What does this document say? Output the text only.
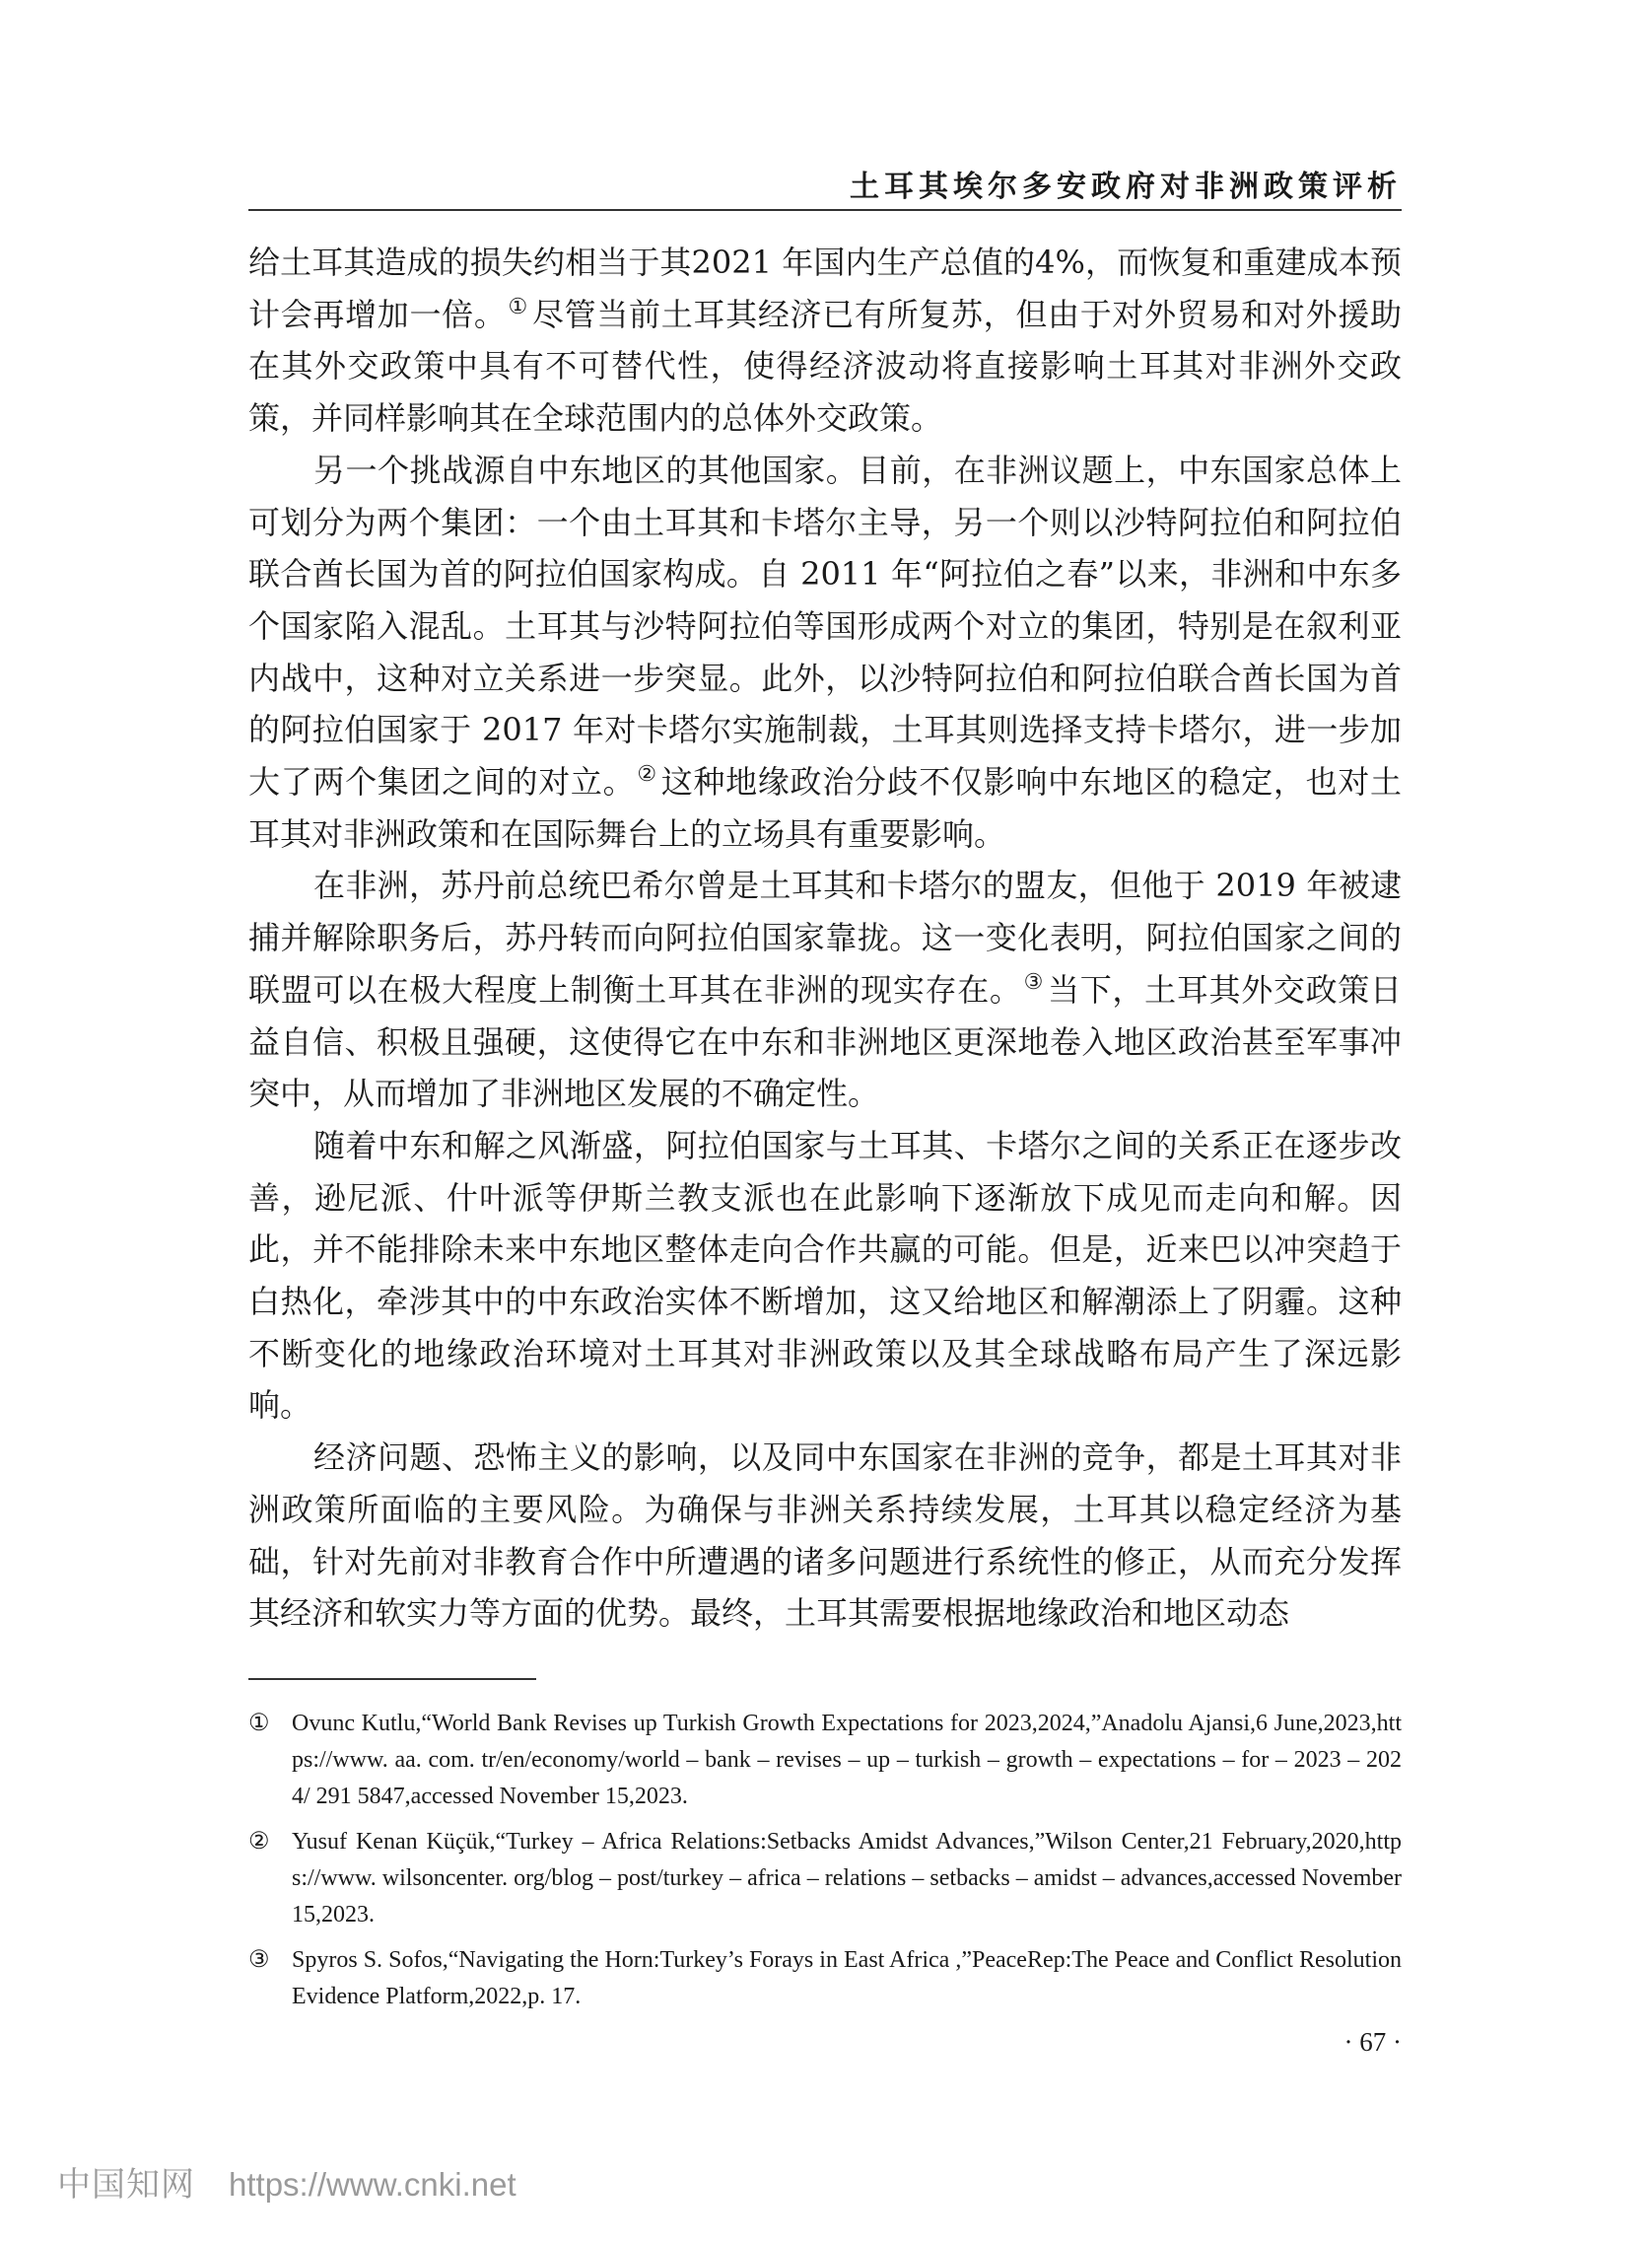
土耳其埃尔多安政府对非洲政策评析

给土耳其造成的损失约相当于其2021 年国内生产总值的4%，而恢复和重建成本预计会再增加一倍。① 尽管当前土耳其经济已有所复苏，但由于对外贸易和对外援助在其外交政策中具有不可替代性，使得经济波动将直接影响土耳其对非洲外交政策，并同样影响其在全球范围内的总体外交政策。

另一个挑战源自中东地区的其他国家。目前，在非洲议题上，中东国家总体上可划分为两个集团：一个由土耳其和卡塔尔主导，另一个则以沙特阿拉伯和阿拉伯联合酋长国为首的阿拉伯国家构成。自 2011 年“阿拉伯之春”以来，非洲和中东多个国家陷入混乱。土耳其与沙特阿拉伯等国形成两个对立的集团，特别是在叙利亚内战中，这种对立关系进一步突显。此外，以沙特阿拉伯和阿拉伯联合酋长国为首的阿拉伯国家于 2017 年对卡塔尔实施制裁，土耳其则选择支持卡塔尔，进一步加大了两个集团之间的对立。② 这种地缘政治分歧不仅影响中东地区的稳定，也对土耳其对非洲政策和在国际舞台上的立场具有重要影响。

在非洲，苏丹前总统巴希尔曾是土耳其和卡塔尔的盟友，但他于 2019 年被逮捕并解除职务后，苏丹转而向阿拉伯国家靠拢。这一变化表明，阿拉伯国家之间的联盟可以在极大程度上制衡土耳其在非洲的现实存在。③ 当下，土耳其外交政策日益自信、积极且强硬，这使得它在中东和非洲地区更深地卷入地区政治甚至军事冲突中，从而增加了非洲地区发展的不确定性。

随着中东和解之风渐盛，阿拉伯国家与土耳其、卡塔尔之间的关系正在逐步改善，逊尼派、什叶派等伊斯兰教支派也在此影响下逐渐放下成见而走向和解。因此，并不能排除未来中东地区整体走向合作共赢的可能。但是，近来巴以冲突趋于白热化，牵涉其中的中东政治实体不断增加，这又给地区和解潮添上了阴霾。这种不断变化的地缘政治环境对土耳其对非洲政策以及其全球战略布局产生了深远影响。

经济问题、恐怖主义的影响，以及同中东国家在非洲的竞争，都是土耳其对非洲政策所面临的主要风险。为确保与非洲关系持续发展，土耳其以稳定经济为基础，针对先前对非教育合作中所遭遇的诸多问题进行系统性的修正，从而充分发挥其经济和软实力等方面的优势。最终，土耳其需要根据地缘政治和地区动态

① Ovunc Kutlu,“World Bank Revises up Turkish Growth Expectations for 2023,2024,”Anadolu Ajansi,6 June,2023,https://www. aa. com. tr/en/economy/world – bank – revises – up – turkish – growth – expectations – for – 2023 – 2024/ 291 5847,accessed November 15,2023.
② Yusuf Kenan Küçük,“Turkey – Africa Relations:Setbacks Amidst Advances,”Wilson Center,21 February,2020,https://www. wilsoncenter. org/blog – post/turkey – africa – relations – setbacks – amidst – advances,accessed November 15,2023.
③ Spyros S. Sofos,“Navigating the Horn:Turkey’s Forays in East Africa ,”PeaceRep:The Peace and Conflict Resolution Evidence Platform,2022,p. 17.
· 67 ·
中国知网 https://www.cnki.net
